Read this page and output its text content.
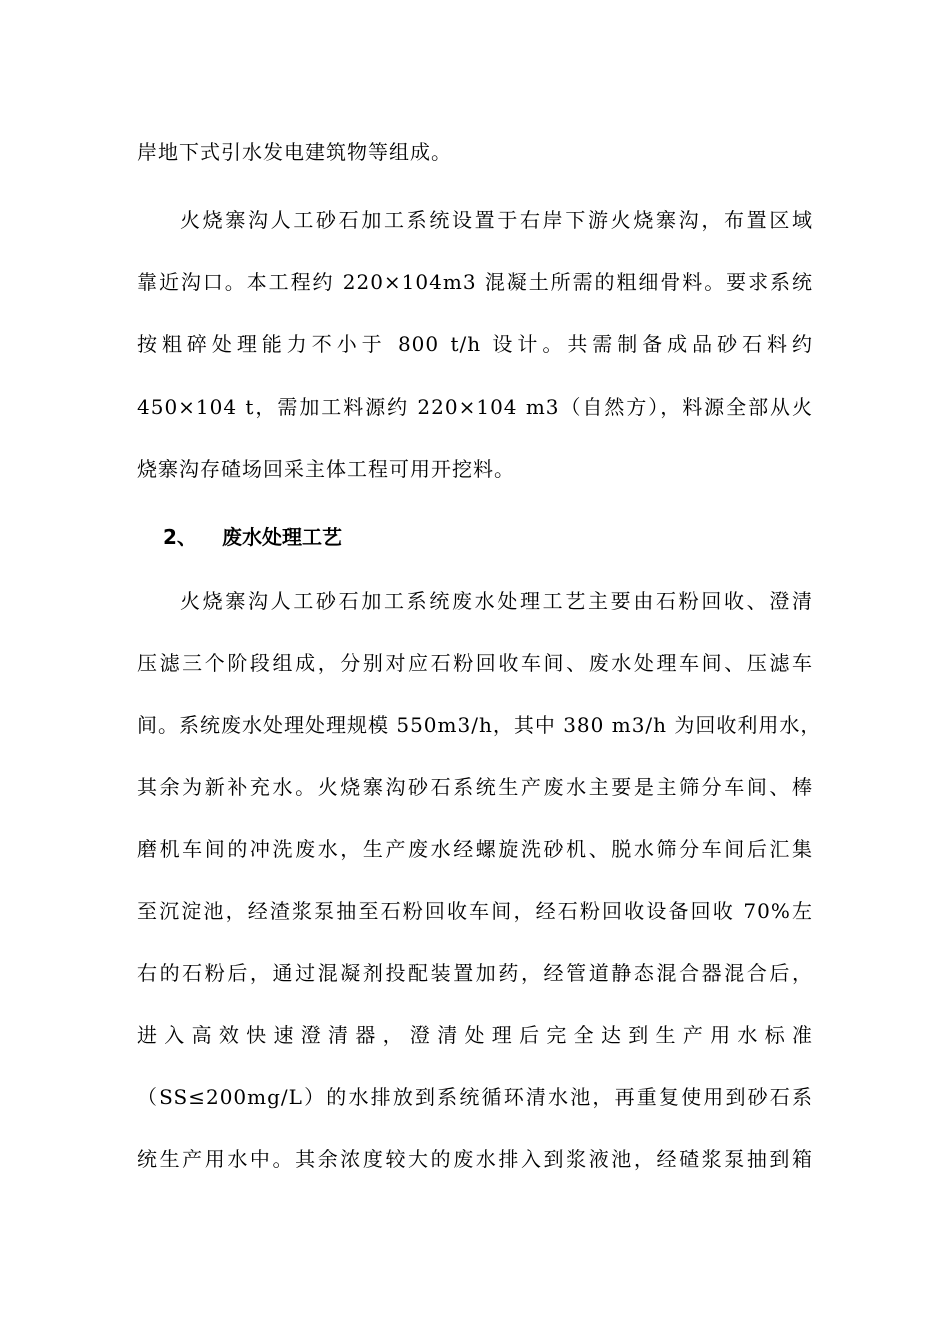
岸地下式引水发电建筑物等组成。
火烧寨沟人工砂石加工系统设置于右岸下游火烧寨沟，布置区域
靠近沟口。本工程约 220×104m3 混凝土所需的粗细骨料。要求系统
按粗碎处理能力不小于 800 t/h 设计。共需制备成品砂石料约
450×104 t，需加工料源约 220×104 m3（自然方），料源全部从火
烧寨沟存碴场回采主体工程可用开挖料。
2、 废水处理工艺
火烧寨沟人工砂石加工系统废水处理工艺主要由石粉回收、澄清
压滤三个阶段组成，分别对应石粉回收车间、废水处理车间、压滤车
间。系统废水处理处理规模 550m3/h，其中 380 m3/h 为回收利用水，
其余为新补充水。火烧寨沟砂石系统生产废水主要是主筛分车间、棒
磨机车间的冲洗废水，生产废水经螺旋洗砂机、脱水筛分车间后汇集
至沉淀池，经渣浆泵抽至石粉回收车间，经石粉回收设备回收 70%左
右的石粉后，通过混凝剂投配装置加药，经管道静态混合器混合后，
进入高效快速澄清器，澄清处理后完全达到生产用水标准
（SS≤200mg/L）的水排放到系统循环清水池，再重复使用到砂石系
统生产用水中。其余浓度较大的废水排入到浆液池，经碴浆泵抽到箱
